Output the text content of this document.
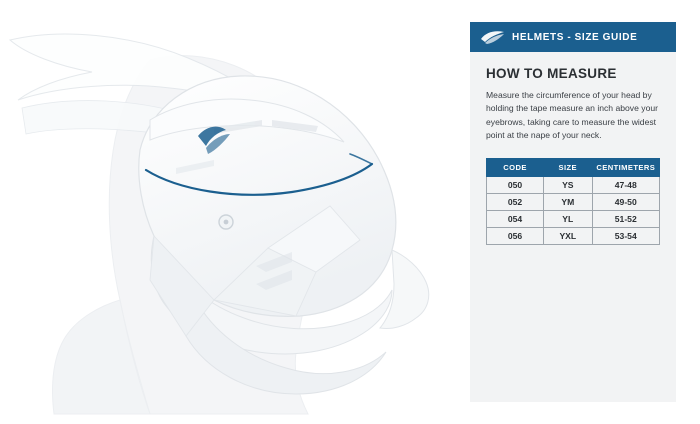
HELMETS - SIZE GUIDE
HOW TO MEASURE

Measure the circumference of your head by holding the tape measure an inch above your eyebrows, taking care to measure the widest point at the nape of your neck.

CODE	SIZE	CENTIMETERS
050	YS	47-48
052	YM	49-50
054	YL	51-52
056	YXL	53-54
